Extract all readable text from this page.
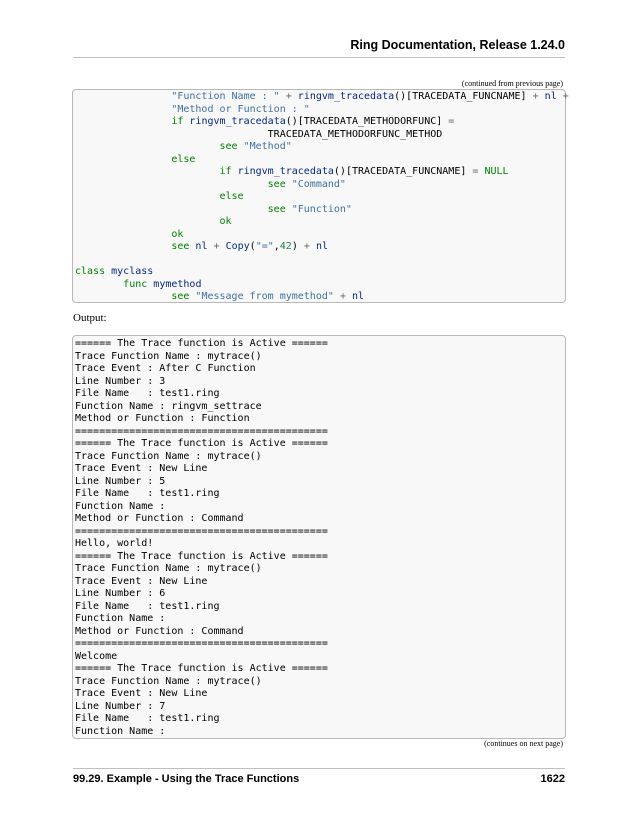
Ring Documentation, Release 1.24.0
(continued from previous page)
"Function Name : " + ringvm_tracedata()[TRACEDATA_FUNCNAME] + nl +
"Method or Function : "
if ringvm_tracedata()[TRACEDATA_METHODORFUNC] =
TRACEDATA_METHODORFUNC_METHOD
see "Method"
else
if ringvm_tracedata()[TRACEDATA_FUNCNAME] = NULL
see "Command"
else
see "Function"
ok
ok
see nl + Copy("=",42) + nl

class myclass
func mymethod
see "Message from mymethod" + nl
Output:
====== The Trace function is Active ======
Trace Function Name : mytrace()
Trace Event : After C Function
Line Number : 3
File Name   : test1.ring
Function Name : ringvm_settrace
Method or Function : Function
==========================================
====== The Trace function is Active ======
Trace Function Name : mytrace()
Trace Event : New Line
Line Number : 5
File Name   : test1.ring
Function Name :
Method or Function : Command
==========================================
Hello, world!
====== The Trace function is Active ======
Trace Function Name : mytrace()
Trace Event : New Line
Line Number : 6
File Name   : test1.ring
Function Name :
Method or Function : Command
==========================================
Welcome
====== The Trace function is Active ======
Trace Function Name : mytrace()
Trace Event : New Line
Line Number : 7
File Name   : test1.ring
Function Name :
(continues on next page)
99.29. Example - Using the Trace Functions	1622
